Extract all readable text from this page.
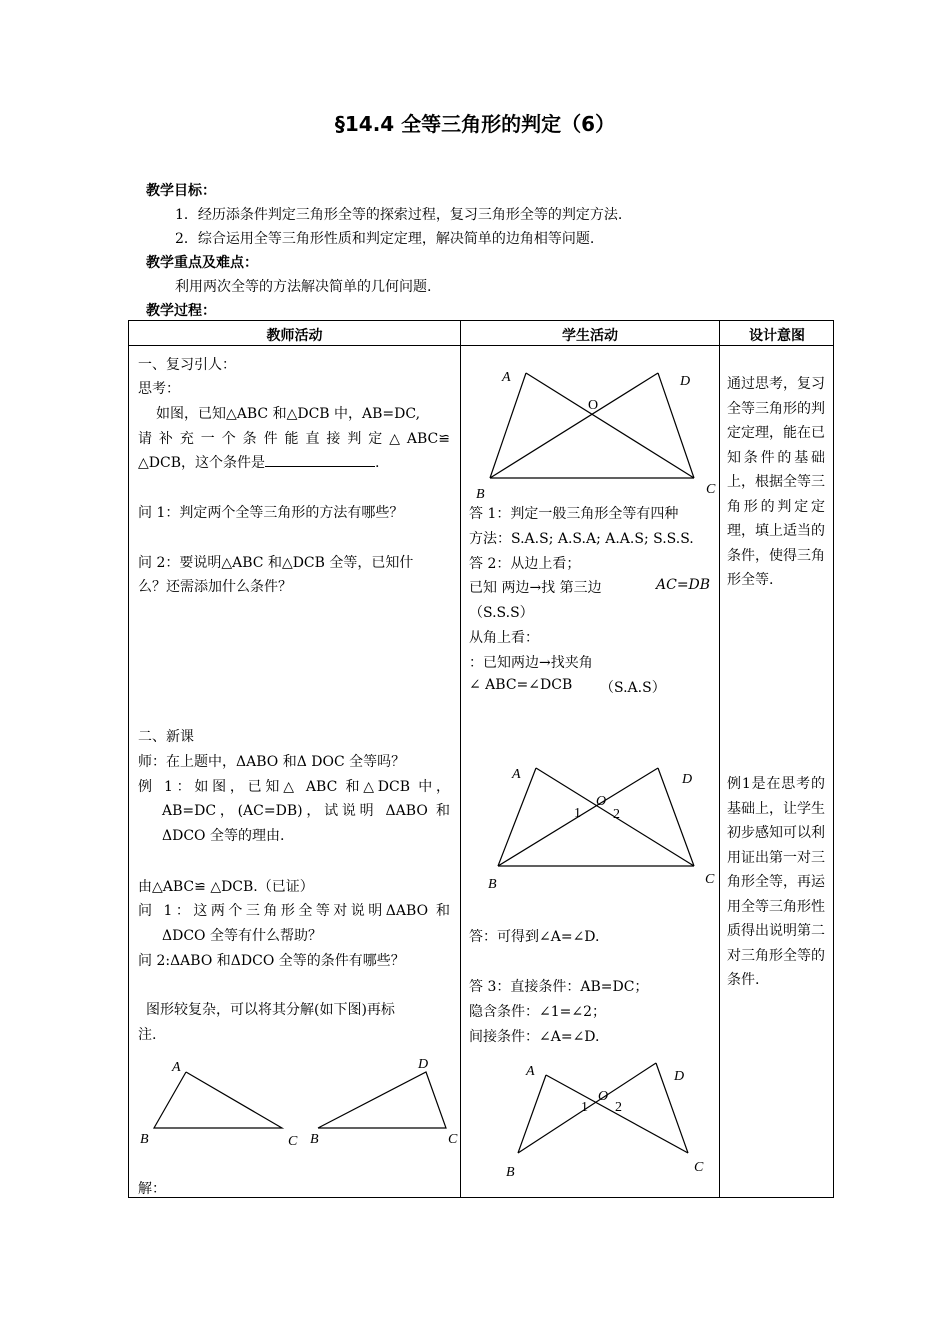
§14.4 全等三角形的判定（6）
教学目标：
1．经历添条件判定三角形全等的探索过程，复习三角形全等的判定方法.
2．综合运用全等三角形性质和判定定理，解决简单的边角相等问题.
教学重点及难点：
利用两次全等的方法解决简单的几何问题.
教学过程：
教师活动	学生活动	设计意图
一、复习引人：
思考：
如图，已知△ABC 和△DCB 中，AB=DC,
请补充一个条件能直接判定△ABC≌
△DCB，这个条件是	.
问 1：判定两个全等三角形的方法有哪些？
问 2：要说明△ABC 和△DCB 全等，已知什
么？还需添加什么条件？
二、新课
师：在上题中，ΔABO 和Δ DOC 全等吗？
例 1：如图，已知△ ABC 和△DCB 中，
AB=DC，(AC=DB)，试说明 ΔABO 和
ΔDCO 全等的理由.
由△ABC≌ △DCB.（已证）
问 1：这两个三角形全等对说明ΔABO 和
ΔDCO 全等有什么帮助？
问 2:ΔABO 和ΔDCO 全等的条件有哪些？
图形较复杂，可以将其分解(如下图)再标
注.
解：
A
B	C B
D
C
A	D
O
B	C
答 1：判定一般三角形全等有四种
方法：S.A.S; A.S.A; A.A.S; S.S.S.
答 2：从边上看；
已知 两边→找 第三边	AC=DB
（S.S.S）
从角上看：
：已知两边→找夹角
∠ ABC=∠DCB （S.A.S）
A	D
O
1 2
B	C
答：可得到∠A=∠D.
答 3：直接条件：AB=DC；
隐含条件：∠1=∠2；
间接条件：∠A=∠D.
A	D
O
1 2
B	C
通过思考，复习全等三角形的判定定理，能在已知条件的基础上，根据全等三角形的判定定理，填上适当的条件，使得三角形全等.
例1是在思考的基础上，让学生初步感知可以利用证出第一对三角形全等，再运用全等三角形性质得出说明第二对三角形全等的条件.
